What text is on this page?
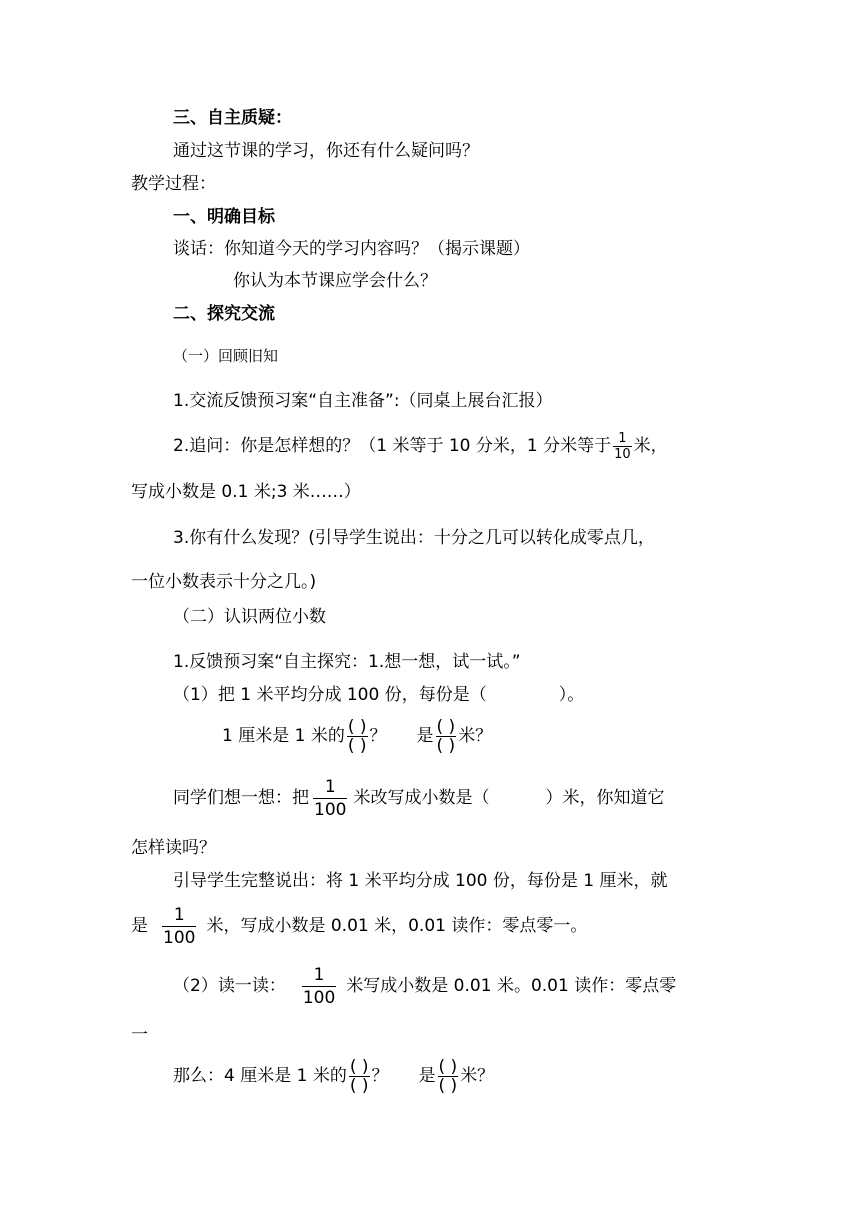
三、自主质疑：
通过这节课的学习，你还有什么疑问吗？
教学过程：
一、明确目标
谈话：你知道今天的学习内容吗？（揭示课题）
你认为本节课应学会什么？
二、探究交流
（一）回顾旧知
1.交流反馈预习案“自主准备”:（同桌上展台汇报）
2.追问：你是怎样想的？（1 米等于 10 分米，1 分米等于 $\frac{1}{10}$ 米，
写成小数是 0.1 米;3 米……）
3.你有什么发现？(引导学生说出：十分之几可以转化成零点几，
一位小数表示十分之几。)
（二）认识两位小数
1.反馈预习案“自主探究：1.想一想，试一试。”
（1）把 1 米平均分成 100 份，每份是（	）。
1 厘米是 1 米的 $\frac{( )}{( )}$ ？ 是 $\frac{( )}{( )}$ 米？
同学们想一想：把 $\frac{1}{100}$ 米改写成小数是（	）米，你知道它
怎样读吗？
引导学生完整说出：将 1 米平均分成 100 份，每份是 1 厘米，就
是 $\frac{1}{100}$ 米，写成小数是 0.01 米，0.01 读作：零点零一。
（2）读一读： $\frac{1}{100}$ 米写成小数是 0.01 米。0.01 读作：零点零
一
那么：4 厘米是 1 米的 $\frac{( )}{( )}$ ？ 是 $\frac{( )}{( )}$ 米？
